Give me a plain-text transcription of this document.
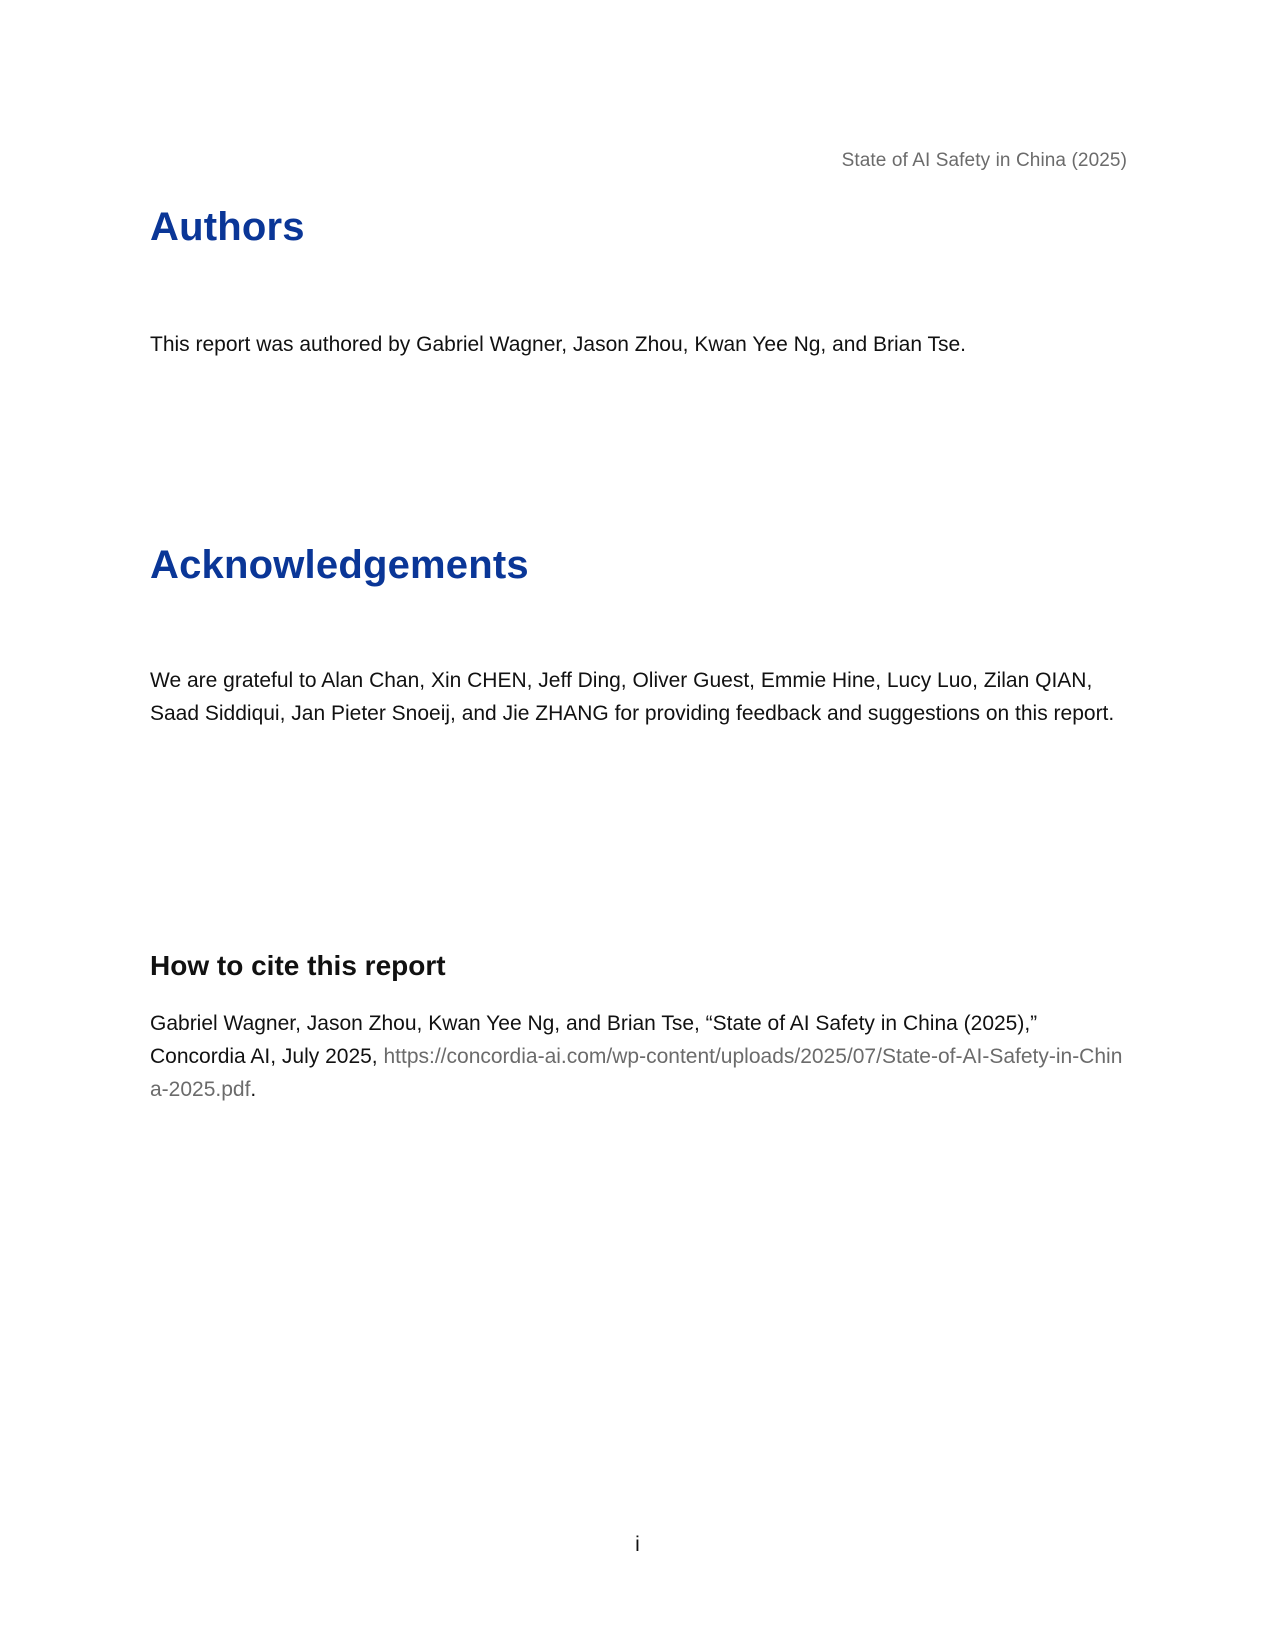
State of AI Safety in China (2025)
Authors

This report was authored by Gabriel Wagner, Jason Zhou, Kwan Yee Ng, and Brian Tse.

Acknowledgements

We are grateful to Alan Chan, Xin CHEN, Jeff Ding, Oliver Guest, Emmie Hine, Lucy Luo, Zilan QIAN, Saad Siddiqui, Jan Pieter Snoeij, and Jie ZHANG for providing feedback and suggestions on this report.

How to cite this report

Gabriel Wagner, Jason Zhou, Kwan Yee Ng, and Brian Tse, “State of AI Safety in China (2025),” Concordia AI, July 2025, https://concordia-ai.com/wp-content/uploads/2025/07/State-of-AI-Safety-in-China-2025.pdf.

i
